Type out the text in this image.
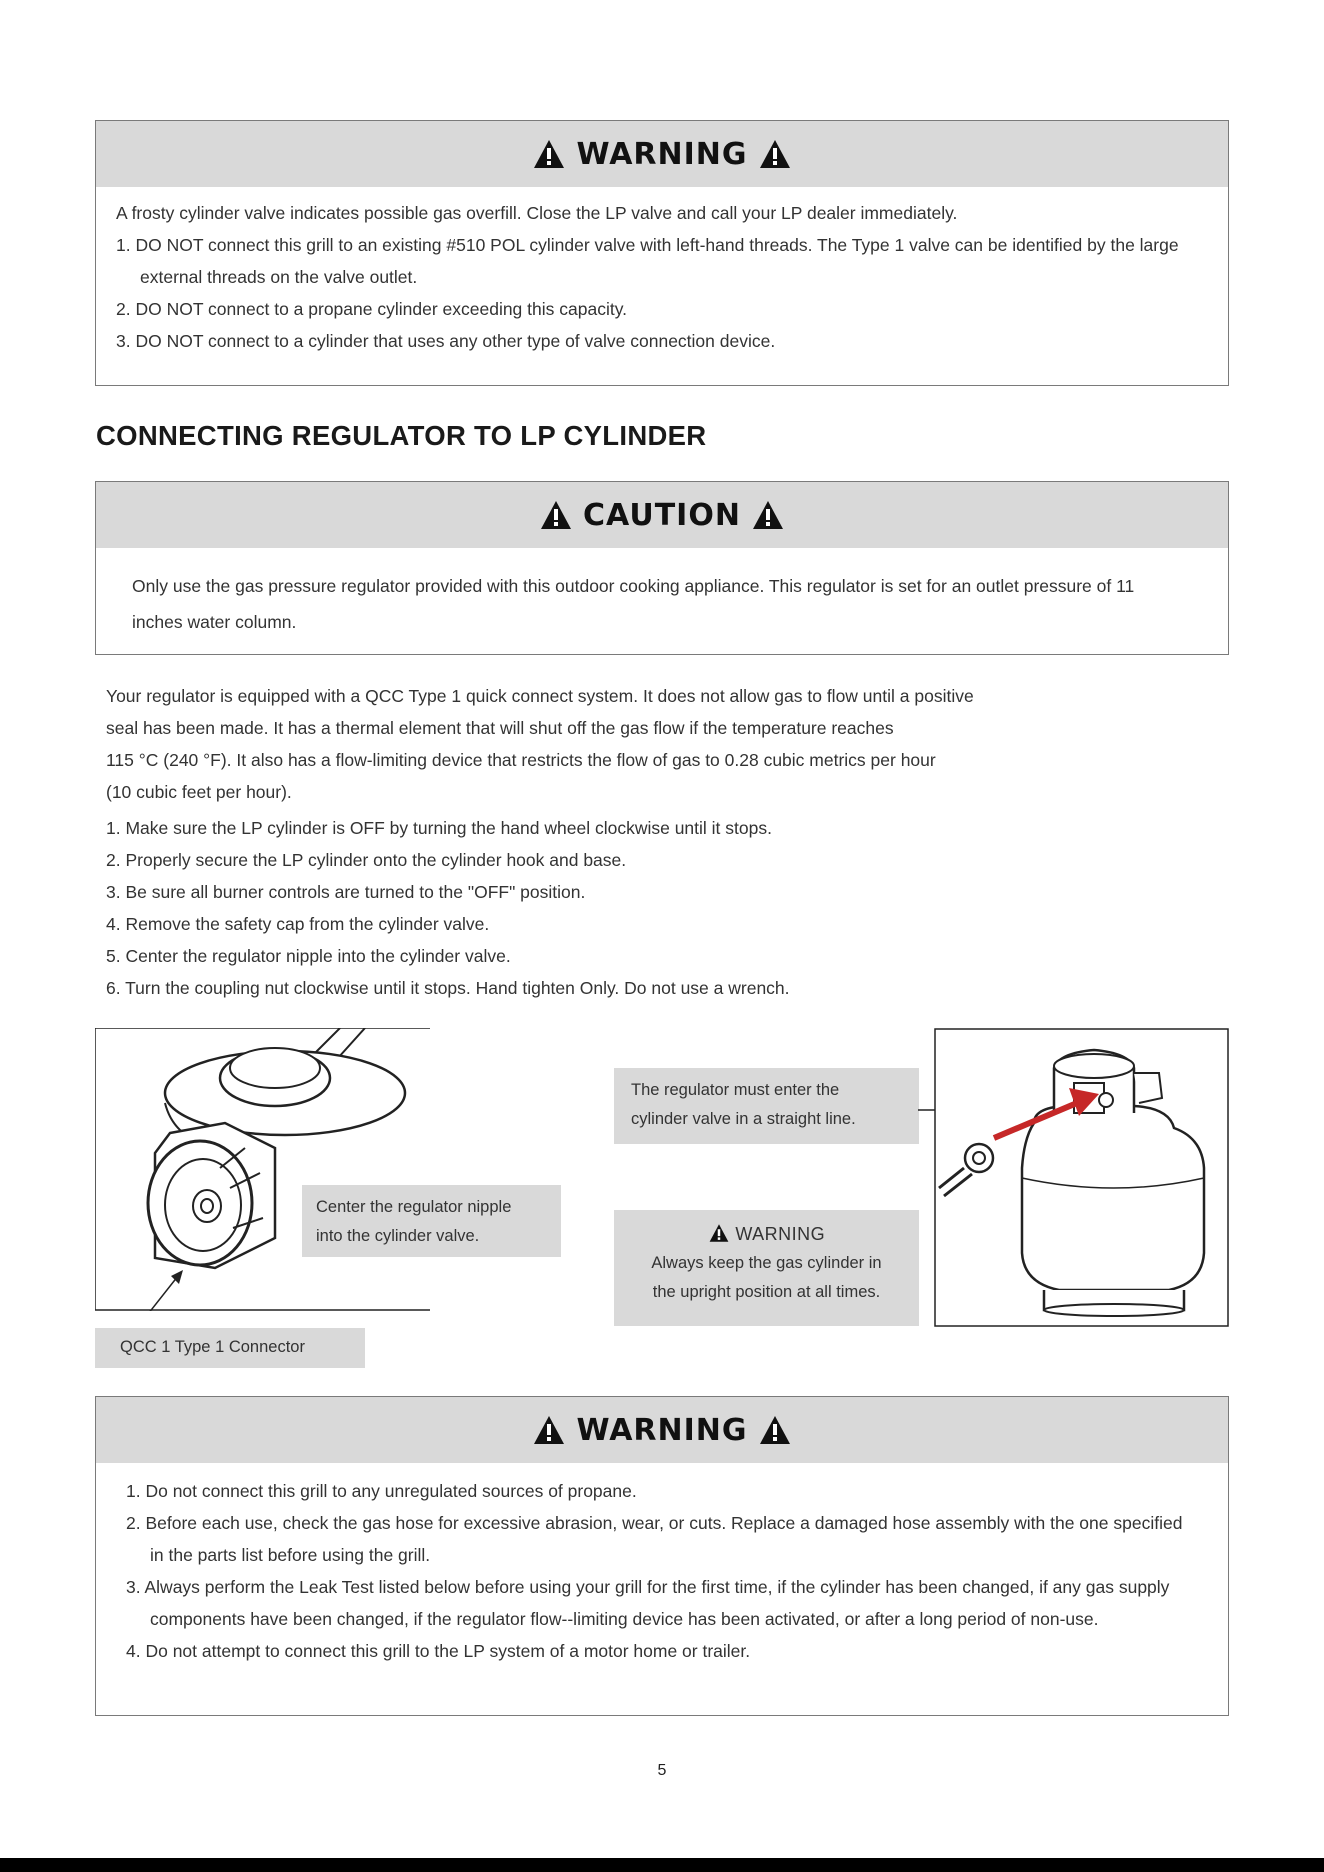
WARNING

A frosty cylinder valve indicates possible gas overfill. Close the LP valve and call your LP dealer immediately.

1. DO NOT connect this grill to an existing #510 POL cylinder valve with left-hand threads. The Type 1 valve can be identified by the large external threads on the valve outlet.
2. DO NOT connect to a propane cylinder exceeding this capacity.
3. DO NOT connect to a cylinder that uses any other type of valve connection device.
CONNECTING REGULATOR TO LP CYLINDER
CAUTION

Only use the gas pressure regulator provided with this outdoor cooking appliance. This regulator is set for an outlet pressure of 11 inches water column.

Your regulator is equipped with a QCC Type 1 quick connect system. It does not allow gas to flow until a positive
seal has been made. It has a thermal element that will shut off the gas flow if the temperature reaches
115 °C (240 °F). It also has a flow-limiting device that restricts the flow of gas to 0.28 cubic metrics per hour
(10 cubic feet per hour).
1. Make sure the LP cylinder is OFF by turning the hand wheel clockwise until it stops.
2. Properly secure the LP cylinder onto the cylinder hook and base.
3. Be sure all burner controls are turned to the "OFF" position.
4. Remove the safety cap from the cylinder valve.
5. Center the regulator nipple into the cylinder valve.
6. Turn the coupling nut clockwise until it stops. Hand tighten Only. Do not use a wrench.
Center the regulator nipple
into the cylinder valve.
QCC 1 Type 1 Connector
The regulator must enter the
cylinder valve in a straight line.
WARNING
Always keep the gas cylinder in
the upright position at all times.
WARNING
1. Do not connect this grill to any unregulated sources of propane.
2. Before each use, check the gas hose for excessive abrasion, wear, or cuts. Replace a damaged hose assembly with the one specified in the parts list before using the grill.
3. Always perform the Leak Test listed below before using your grill for the first time, if the cylinder has been changed, if any gas supply components have been changed, if the regulator flow--limiting device has been activated, or after a long period of non-use.
4. Do not attempt to connect this grill to the LP system of a motor home or trailer.
5
